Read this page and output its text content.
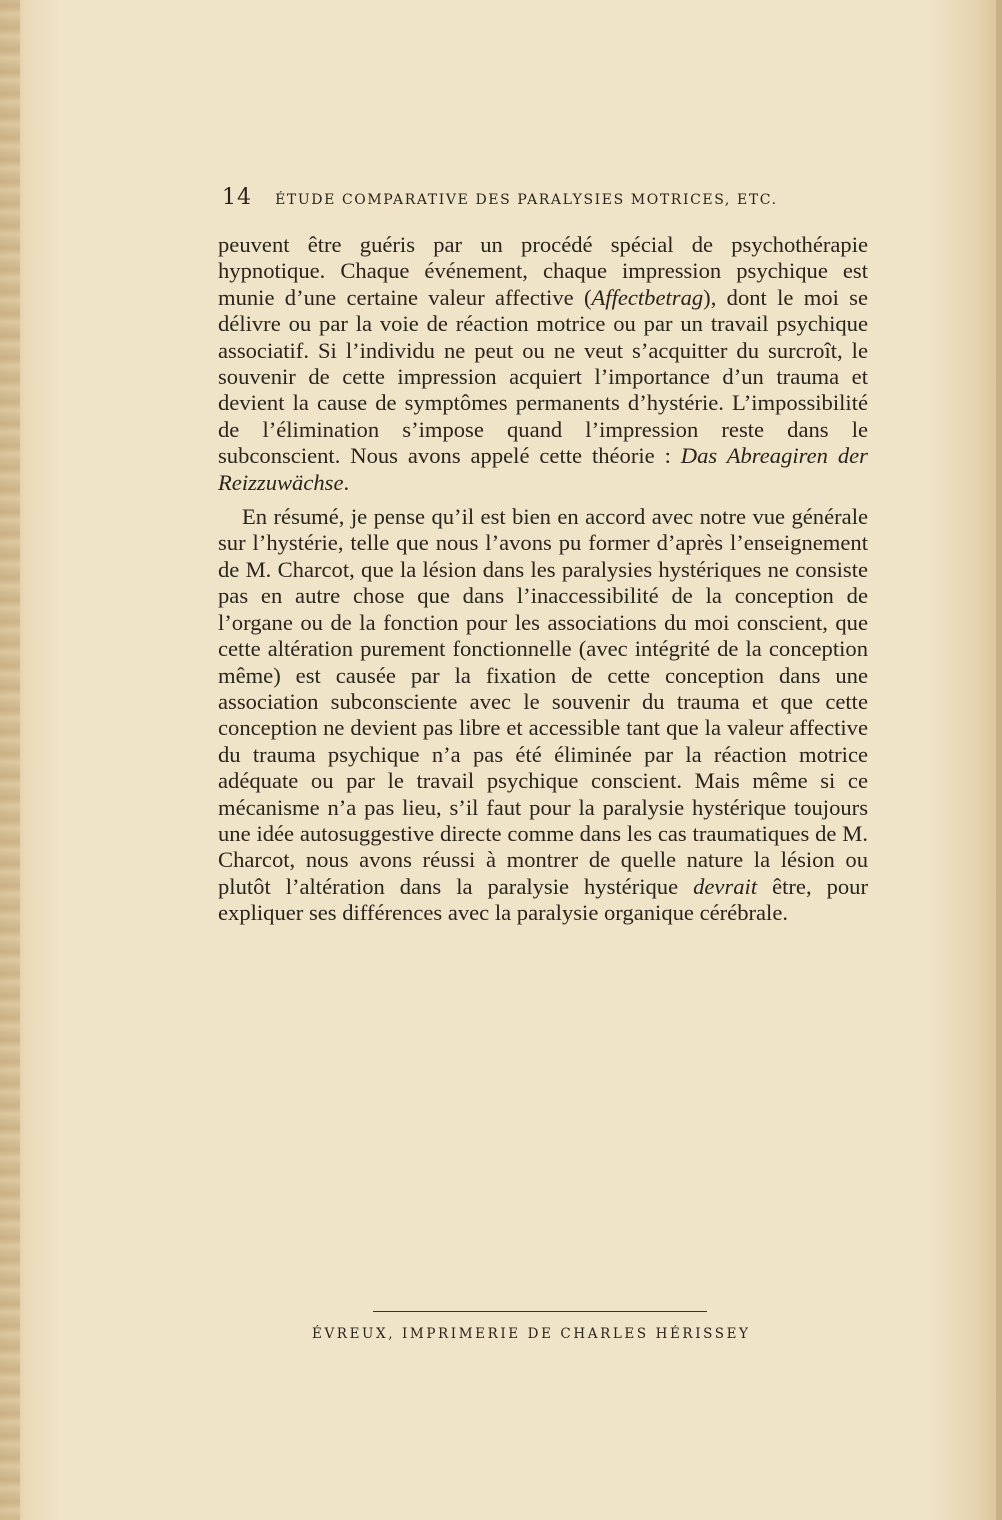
14 ÉTUDE COMPARATIVE DES PARALYSIES MOTRICES, ETC.

peuvent être guéris par un procédé spécial de psychothérapie hypnotique. Chaque événement, chaque impression psychique est munie d’une certaine valeur affective (Affectbetrag), dont le moi se délivre ou par la voie de réaction motrice ou par un travail psychique associatif. Si l’individu ne peut ou ne veut s’acquitter du surcroît, le souvenir de cette impression acquiert l’importance d’un trauma et devient la cause de symptômes permanents d’hystérie. L’impossibilité de l’élimination s’impose quand l’impression reste dans le subconscient. Nous avons appelé cette théorie : Das Abreagiren der Reizzuwächse.

En résumé, je pense qu’il est bien en accord avec notre vue générale sur l’hystérie, telle que nous l’avons pu former d’après l’enseignement de M. Charcot, que la lésion dans les paralysies hystériques ne consiste pas en autre chose que dans l’inaccessibilité de la conception de l’organe ou de la fonction pour les associations du moi conscient, que cette altération purement fonctionnelle (avec intégrité de la conception même) est causée par la fixation de cette conception dans une association subconsciente avec le souvenir du trauma et que cette conception ne devient pas libre et accessible tant que la valeur affective du trauma psychique n’a pas été éliminée par la réaction motrice adéquate ou par le travail psychique conscient. Mais même si ce mécanisme n’a pas lieu, s’il faut pour la paralysie hystérique toujours une idée autosuggestive directe comme dans les cas traumatiques de M. Charcot, nous avons réussi à montrer de quelle nature la lésion ou plutôt l’altération dans la paralysie hystérique devrait être, pour expliquer ses différences avec la paralysie organique cérébrale.

ÉVREUX, IMPRIMERIE DE CHARLES HÉRISSEY
